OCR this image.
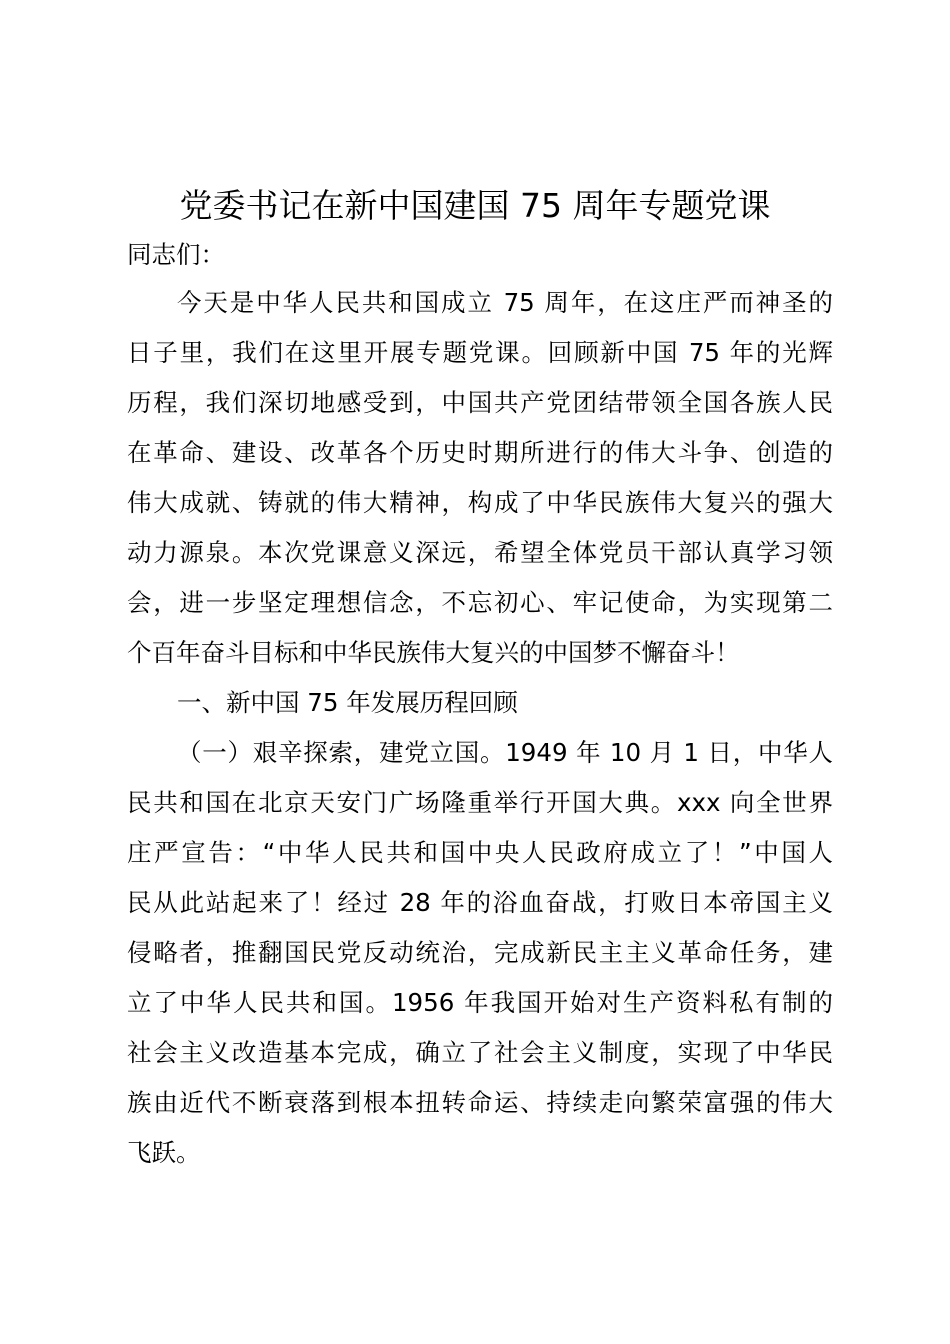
党委书记在新中国建国 75 周年专题党课
同志们：
今天是中华人民共和国成立 75 周年，在这庄严而神圣的
日子里，我们在这里开展专题党课。回顾新中国 75 年的光辉
历程，我们深切地感受到，中国共产党团结带领全国各族人民
在革命、建设、改革各个历史时期所进行的伟大斗争、创造的
伟大成就、铸就的伟大精神，构成了中华民族伟大复兴的强大
动力源泉。本次党课意义深远，希望全体党员干部认真学习领
会，进一步坚定理想信念，不忘初心、牢记使命，为实现第二
个百年奋斗目标和中华民族伟大复兴的中国梦不懈奋斗！
一、新中国 75 年发展历程回顾
（一）艰辛探索，建党立国。1949 年 10 月 1 日，中华人
民共和国在北京天安门广场隆重举行开国大典。xxx 向全世界
庄严宣告：“中华人民共和国中央人民政府成立了！”中国人
民从此站起来了！经过 28 年的浴血奋战，打败日本帝国主义
侵略者，推翻国民党反动统治，完成新民主主义革命任务，建
立了中华人民共和国。1956 年我国开始对生产资料私有制的
社会主义改造基本完成，确立了社会主义制度，实现了中华民
族由近代不断衰落到根本扭转命运、持续走向繁荣富强的伟大
飞跃。
